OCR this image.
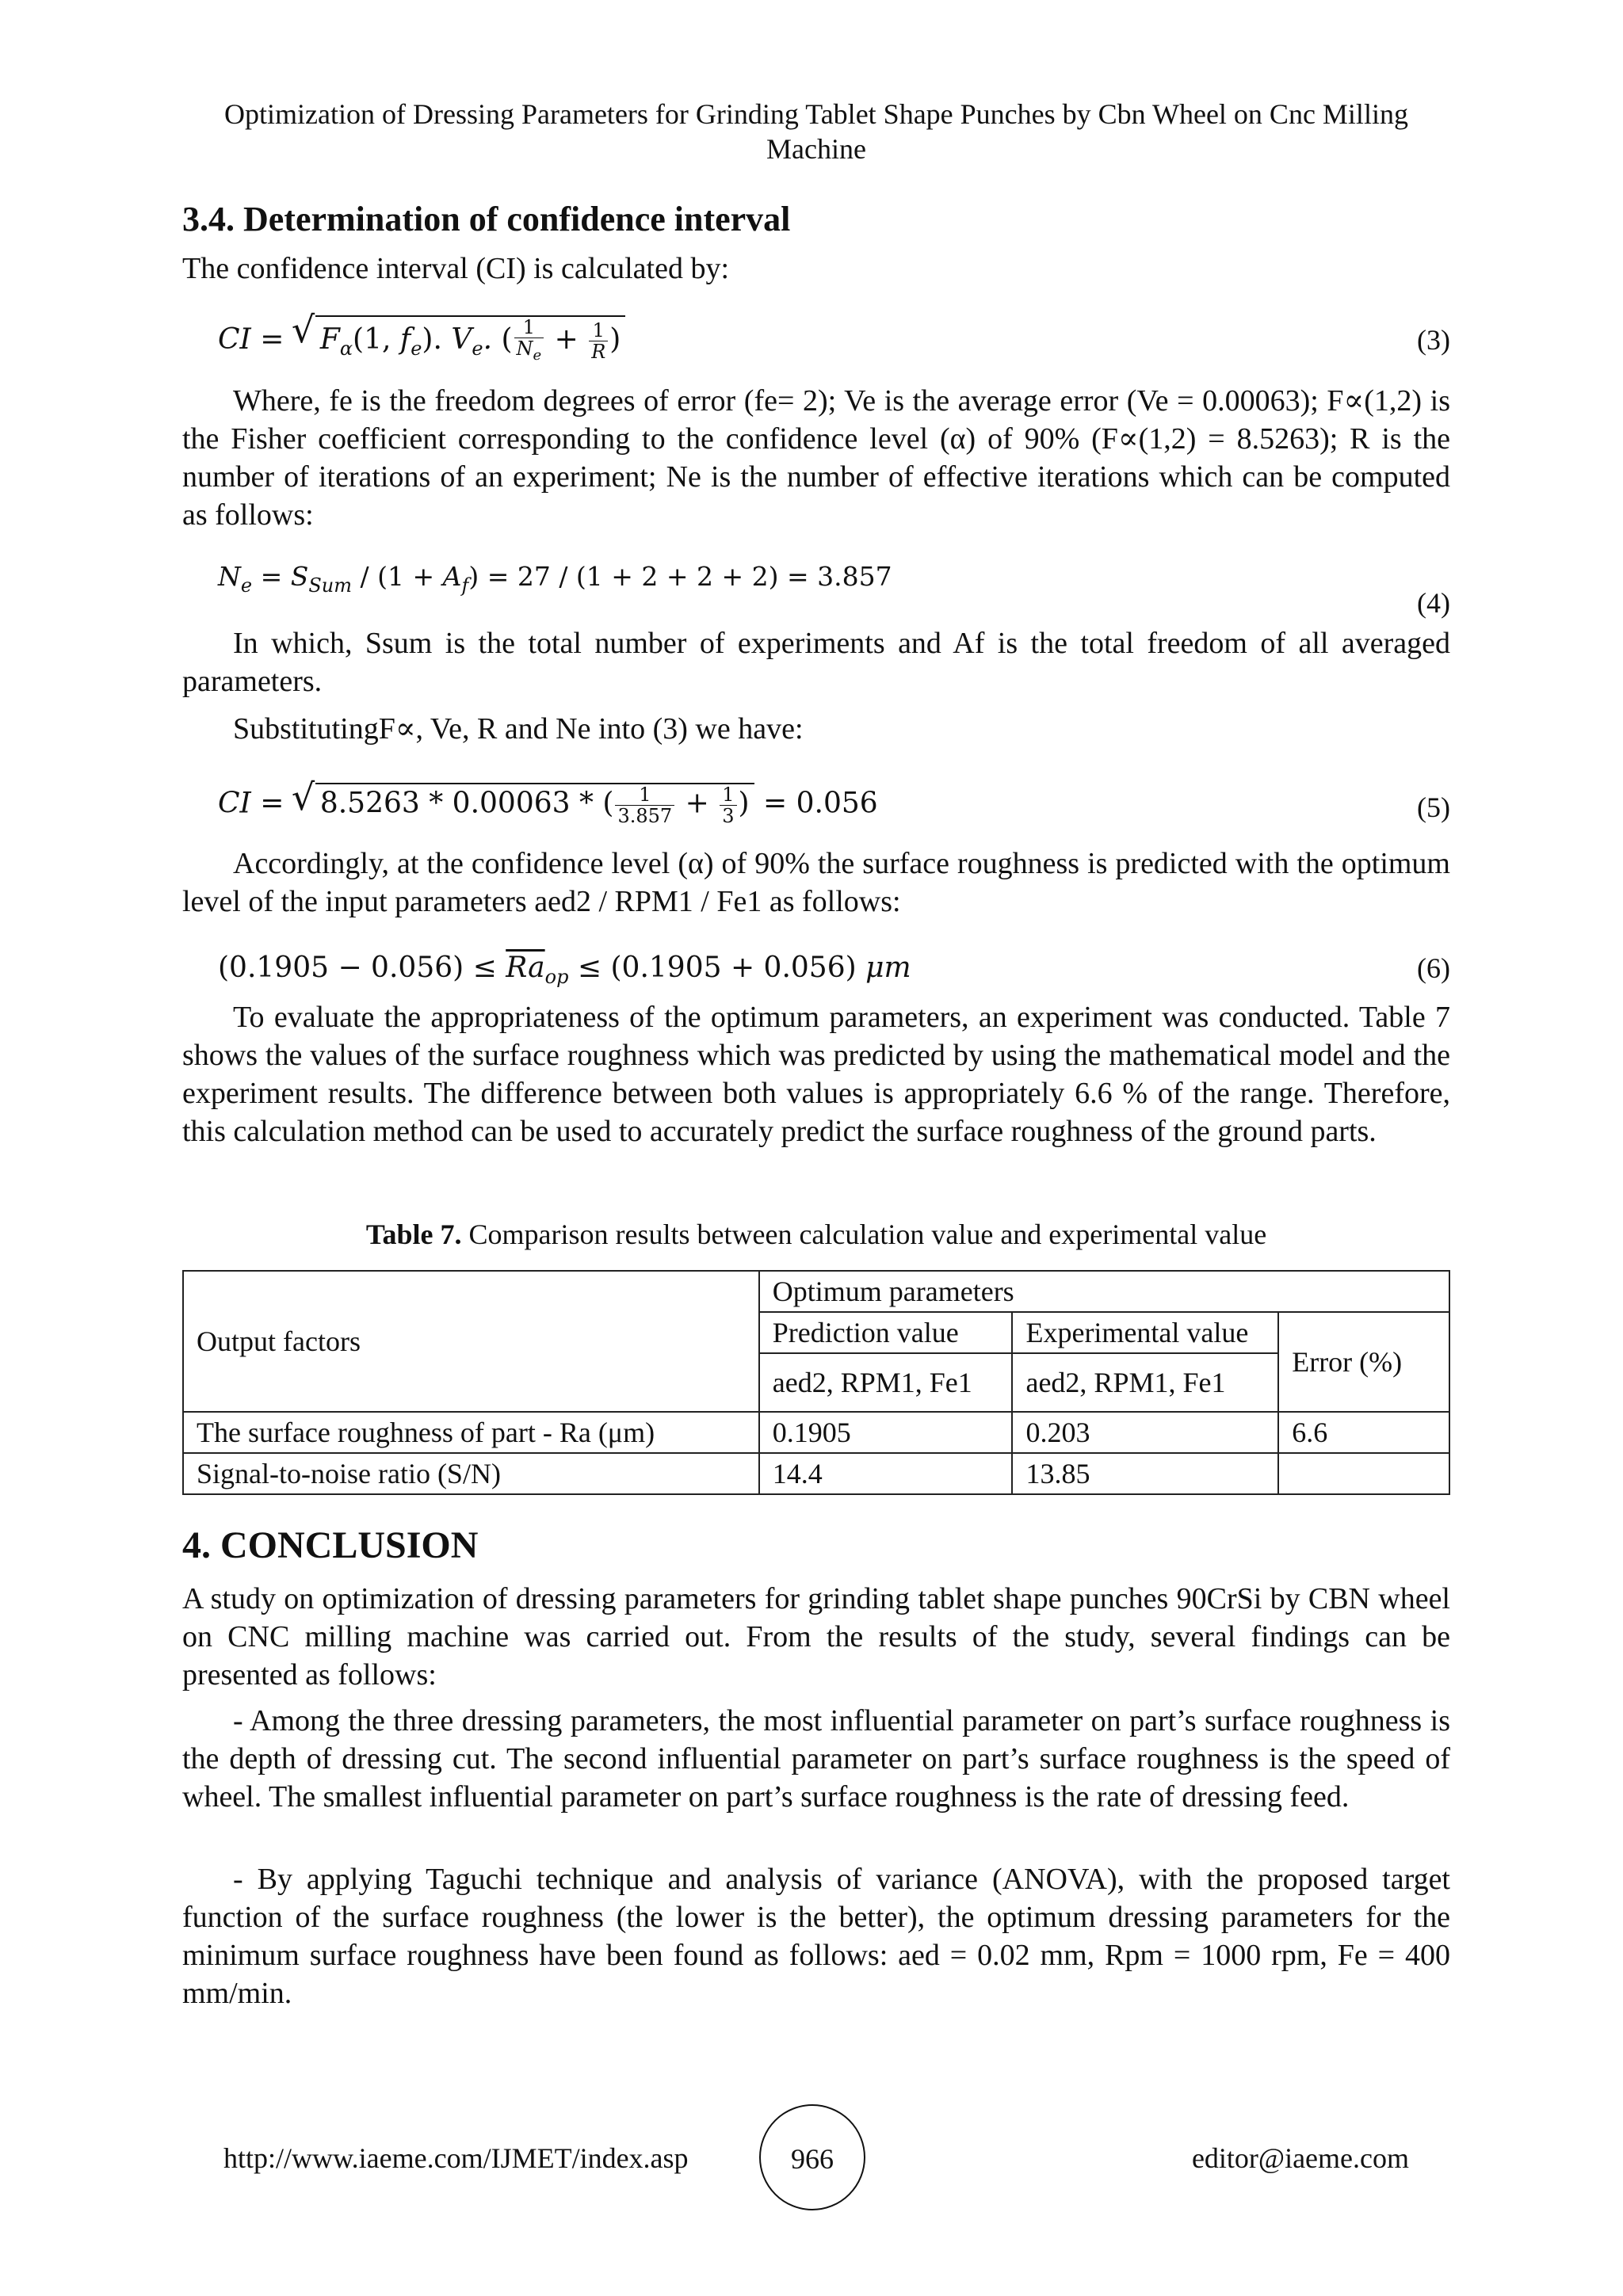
Optimization of Dressing Parameters for Grinding Tablet Shape Punches by Cbn Wheel on Cnc Milling Machine
3.4. Determination of confidence interval

The confidence interval (CI) is calculated by:

CI = √ $F_\alpha(1$, $f_e$). $V_e$. ( $\frac{1}{N_e} + \frac{1}{R}$ )	(3)

Where, fe is the freedom degrees of error (fe= 2); Ve is the average error (Ve = 0.00063); F∝(1,2) is the Fisher coefficient corresponding to the confidence level (α) of 90% (F∝(1,2) = 8.5263); R is the number of iterations of an experiment; Ne is the number of effective iterations which can be computed as follows:

$N_e = S_{Sum} / (1 + A_f) = 27 / (1 + 2 + 2 + 2) = 3.857$
(4)

In which, Ssum is the total number of experiments and Af is the total freedom of all averaged parameters.

SubstitutingF∝, Ve, R and Ne into (3) we have:

CI = √ 8.5263 * 0.00063 * ( $\frac{1}{3.857} + \frac{1}{3}$ ) = 0.056	(5)

Accordingly, at the confidence level (α) of 90% the surface roughness is predicted with the optimum level of the input parameters aed2 / RPM1 / Fe1 as follows:

$(0.1905 - 0.056) \le \overline{Ra}_{op} \le (0.1905 + 0.056)$ μm	(6)

To evaluate the appropriateness of the optimum parameters, an experiment was conducted. Table 7 shows the values of the surface roughness which was predicted by using the mathematical model and the experiment results. The difference between both values is appropriately 6.6 % of the range. Therefore, this calculation method can be used to accurately predict the surface roughness of the ground parts.

Table 7. Comparison results between calculation value and experimental value
Output factors	Optimum parameters		
	Prediction value	Experimental value	Error (%)
	aed2, RPM1, Fe1	aed2, RPM1, Fe1	
The surface roughness of part - Ra (μm)	0.1905	0.203	6.6
Signal-to-noise ratio (S/N)	14.4	13.85	
4. CONCLUSION

A study on optimization of dressing parameters for grinding tablet shape punches 90CrSi by CBN wheel on CNC milling machine was carried out. From the results of the study, several findings can be presented as follows:

- Among the three dressing parameters, the most influential parameter on part’s surface roughness is the depth of dressing cut. The second influential parameter on part’s surface roughness is the speed of wheel. The smallest influential parameter on part’s surface roughness is the rate of dressing feed.

- By applying Taguchi technique and analysis of variance (ANOVA), with the proposed target function of the surface roughness (the lower is the better), the optimum dressing parameters for the minimum surface roughness have been found as follows: aed = 0.02 mm, Rpm = 1000 rpm, Fe = 400 mm/min.

http://www.iaeme.com/IJMET/index.asp	966	editor@iaeme.com
